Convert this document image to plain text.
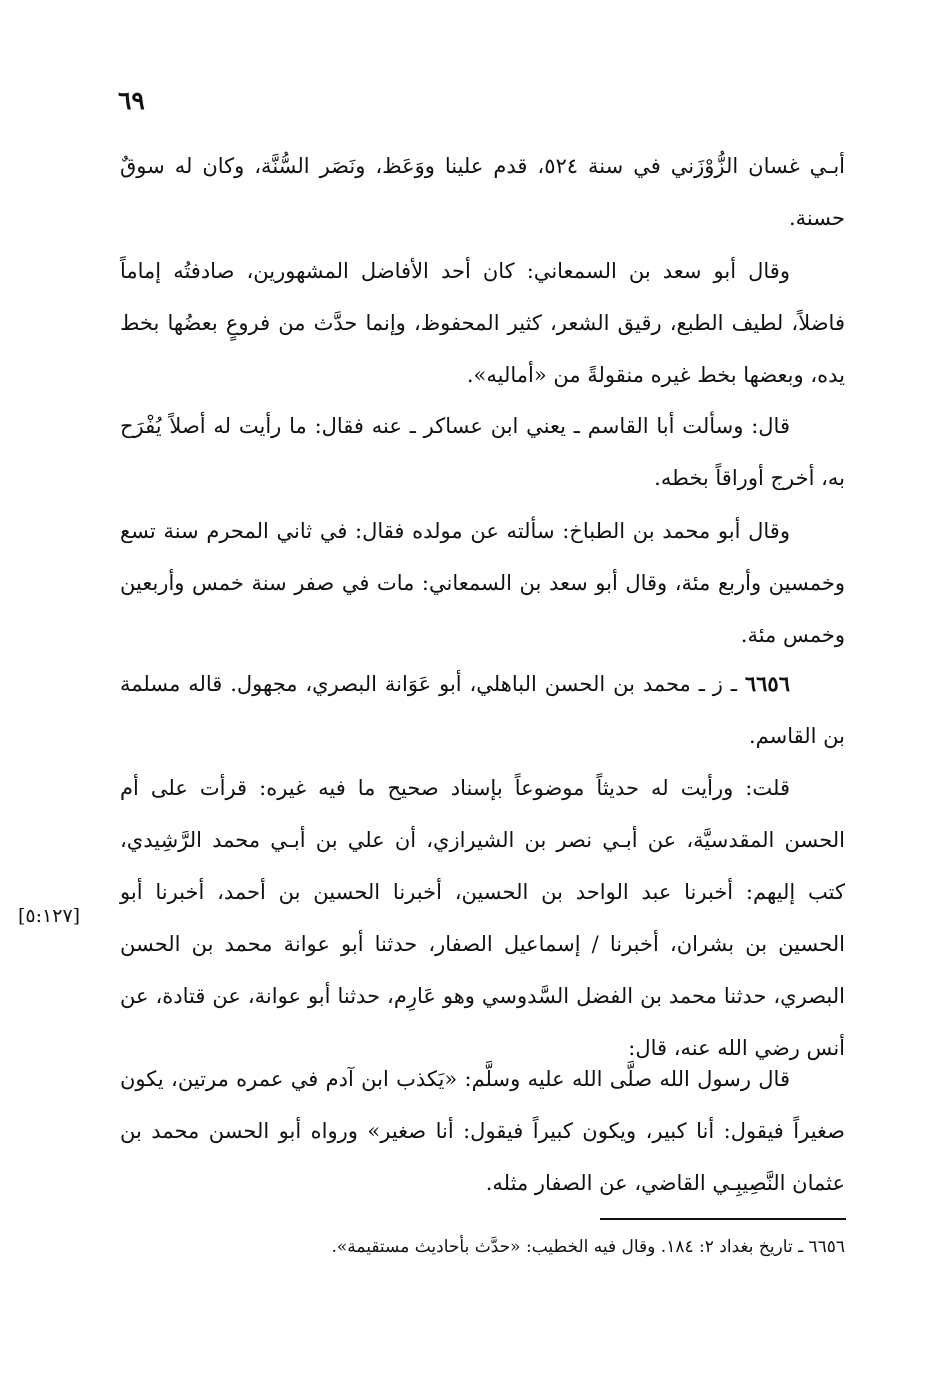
٦٩

أبـي غسان الزُّوْزَني في سنة ٥٢٤، قدم علينا ووَعَظ، ونَصَر السُّنَّة، وكان له سوقٌ حسنة.

وقال أبو سعد بن السمعاني: كان أحد الأفاضل المشهورين، صادفتُه إماماً فاضلاً، لطيف الطبع، رقيق الشعر، كثير المحفوظ، وإنما حدَّث من فروعٍ بعضُها بخط يده، وبعضها بخط غيره منقولةً من «أماليه».

قال: وسألت أبا القاسم ـ يعني ابن عساكر ـ عنه فقال: ما رأيت له أصلاً يُفْرَح به، أخرج أوراقاً بخطه.

وقال أبو محمد بن الطباخ: سألته عن مولده فقال: في ثاني المحرم سنة تسع وخمسين وأربع مئة، وقال أبو سعد بن السمعاني: مات في صفر سنة خمس وأربعين وخمس مئة.

٦٦٥٦ ـ ز ـ محمد بن الحسن الباهلي، أبو عَوَانة البصري، مجهول. قاله مسلمة بن القاسم.

قلت: ورأيت له حديثاً موضوعاً بإسناد صحيح ما فيه غيره: قرأت على أم الحسن المقدسيَّة، عن أبـي نصر بن الشيرازي، أن علي بن أبـي محمد الرَّشِيدي، كتب إليهم: أخبرنا عبد الواحد بن الحسين، أخبرنا الحسين بن أحمد، أخبرنا أبو الحسين بن بشران، أخبرنا / إسماعيل الصفار، حدثنا أبو عوانة محمد بن الحسن البصري، حدثنا محمد بن الفضل السَّدوسي وهو عَارِم، حدثنا أبو عوانة، عن قتادة، عن أنس رضي الله عنه، قال:

[٥:١٢٧]

قال رسول الله صلَّى الله عليه وسلَّم: «يَكذب ابن آدم في عمره مرتين، يكون صغيراً فيقول: أنا كبير، ويكون كبيراً فيقول: أنا صغير» ورواه أبو الحسن محمد بن عثمان النَّصِيبِـي القاضي، عن الصفار مثله.

٦٦٥٦ ـ تاريخ بغداد ٢: ١٨٤. وقال فيه الخطيب: «حدَّث بأحاديث مستقيمة».
